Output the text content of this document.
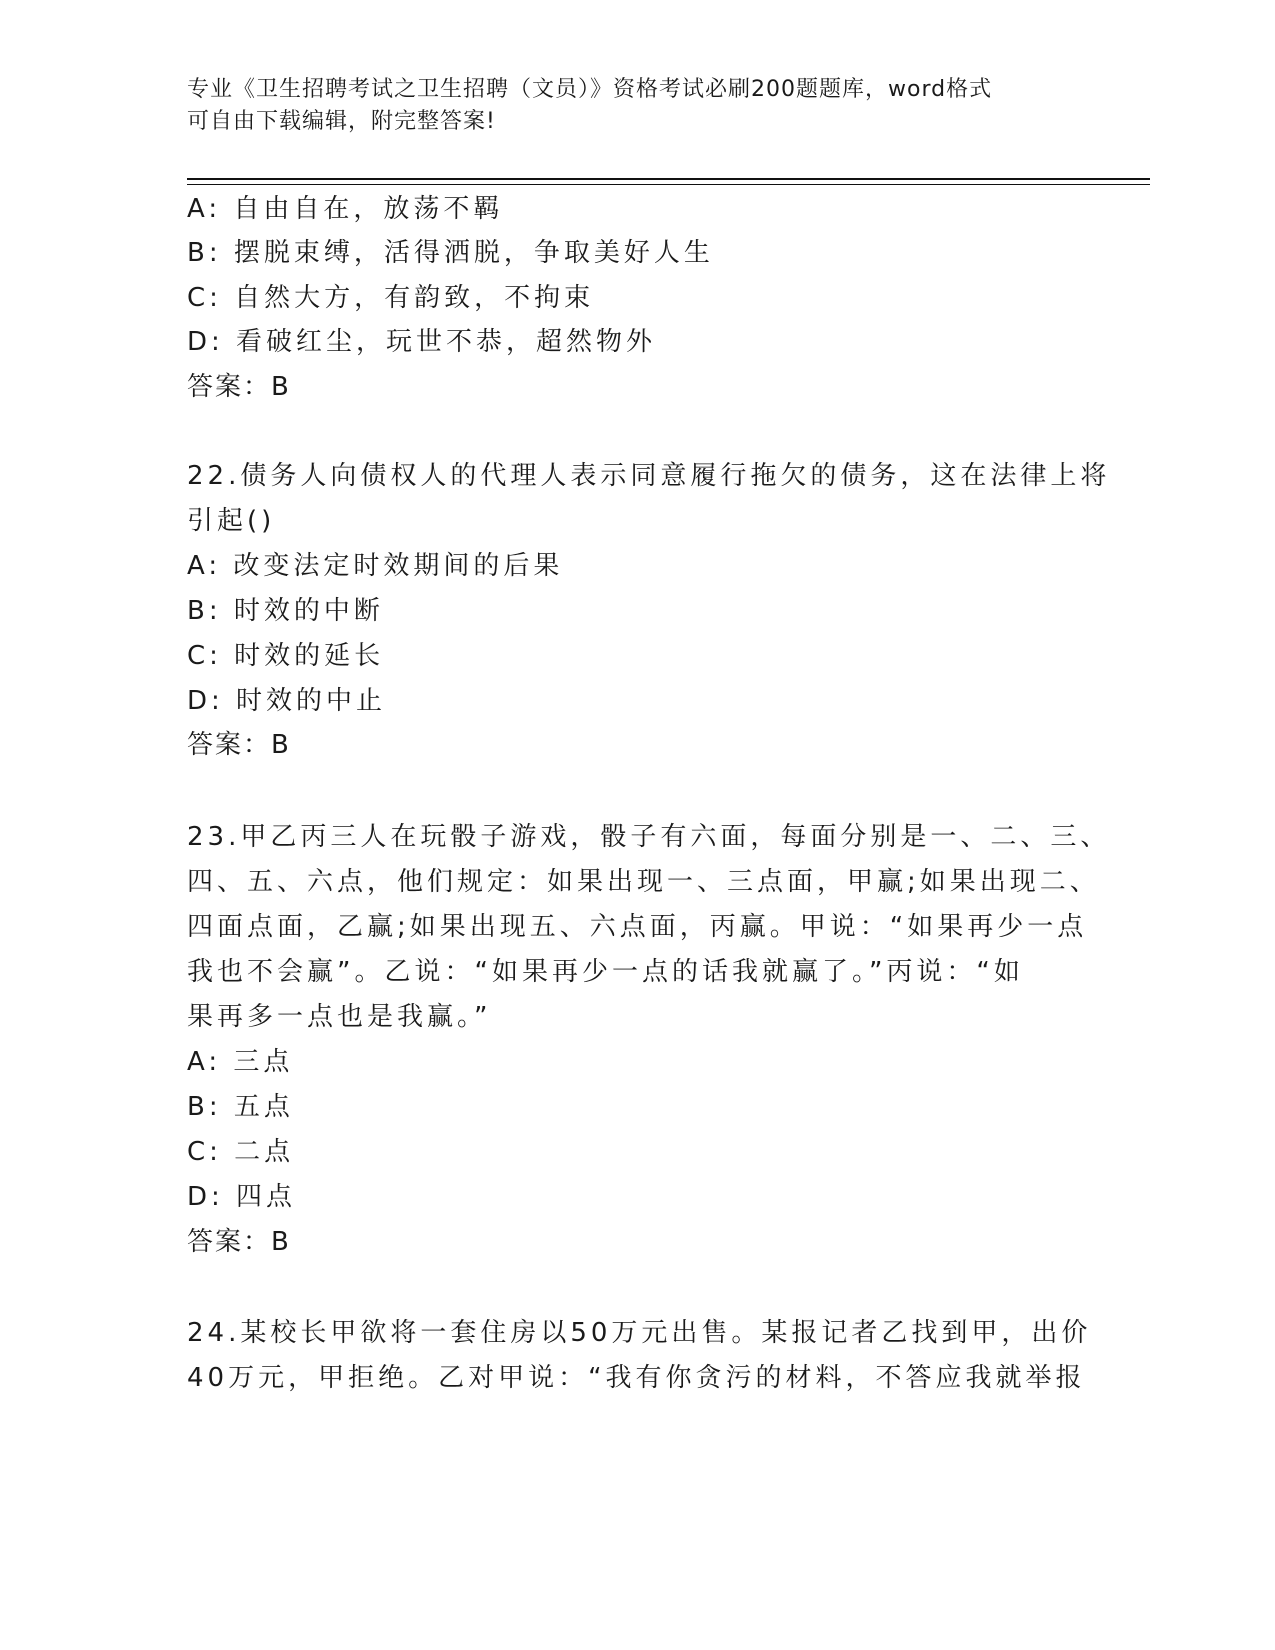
专业《卫生招聘考试之卫生招聘（文员）》资格考试必刷200题题库，word格式
可自由下载编辑，附完整答案!
A: 自由自在，放荡不羁
B: 摆脱束缚，活得洒脱，争取美好人生
C: 自然大方，有韵致，不拘束
D: 看破红尘，玩世不恭，超然物外
答案：B
22.债务人向债权人的代理人表示同意履行拖欠的债务，这在法律上将
引起()
A: 改变法定时效期间的后果
B: 时效的中断
C: 时效的延长
D: 时效的中止
答案：B
23.甲乙丙三人在玩骰子游戏，骰子有六面，每面分别是一、二、三、
四、五、六点，他们规定：如果出现一、三点面，甲赢;如果出现二、
四面点面，乙赢;如果出现五、六点面，丙赢。甲说：“如果再少一点
我也不会赢”。乙说：“如果再少一点的话我就赢了。”丙说：“如
果再多一点也是我赢。”
A: 三点
B: 五点
C: 二点
D: 四点
答案：B
24.某校长甲欲将一套住房以50万元出售。某报记者乙找到甲，出价
40万元，甲拒绝。乙对甲说：“我有你贪污的材料，不答应我就举报
